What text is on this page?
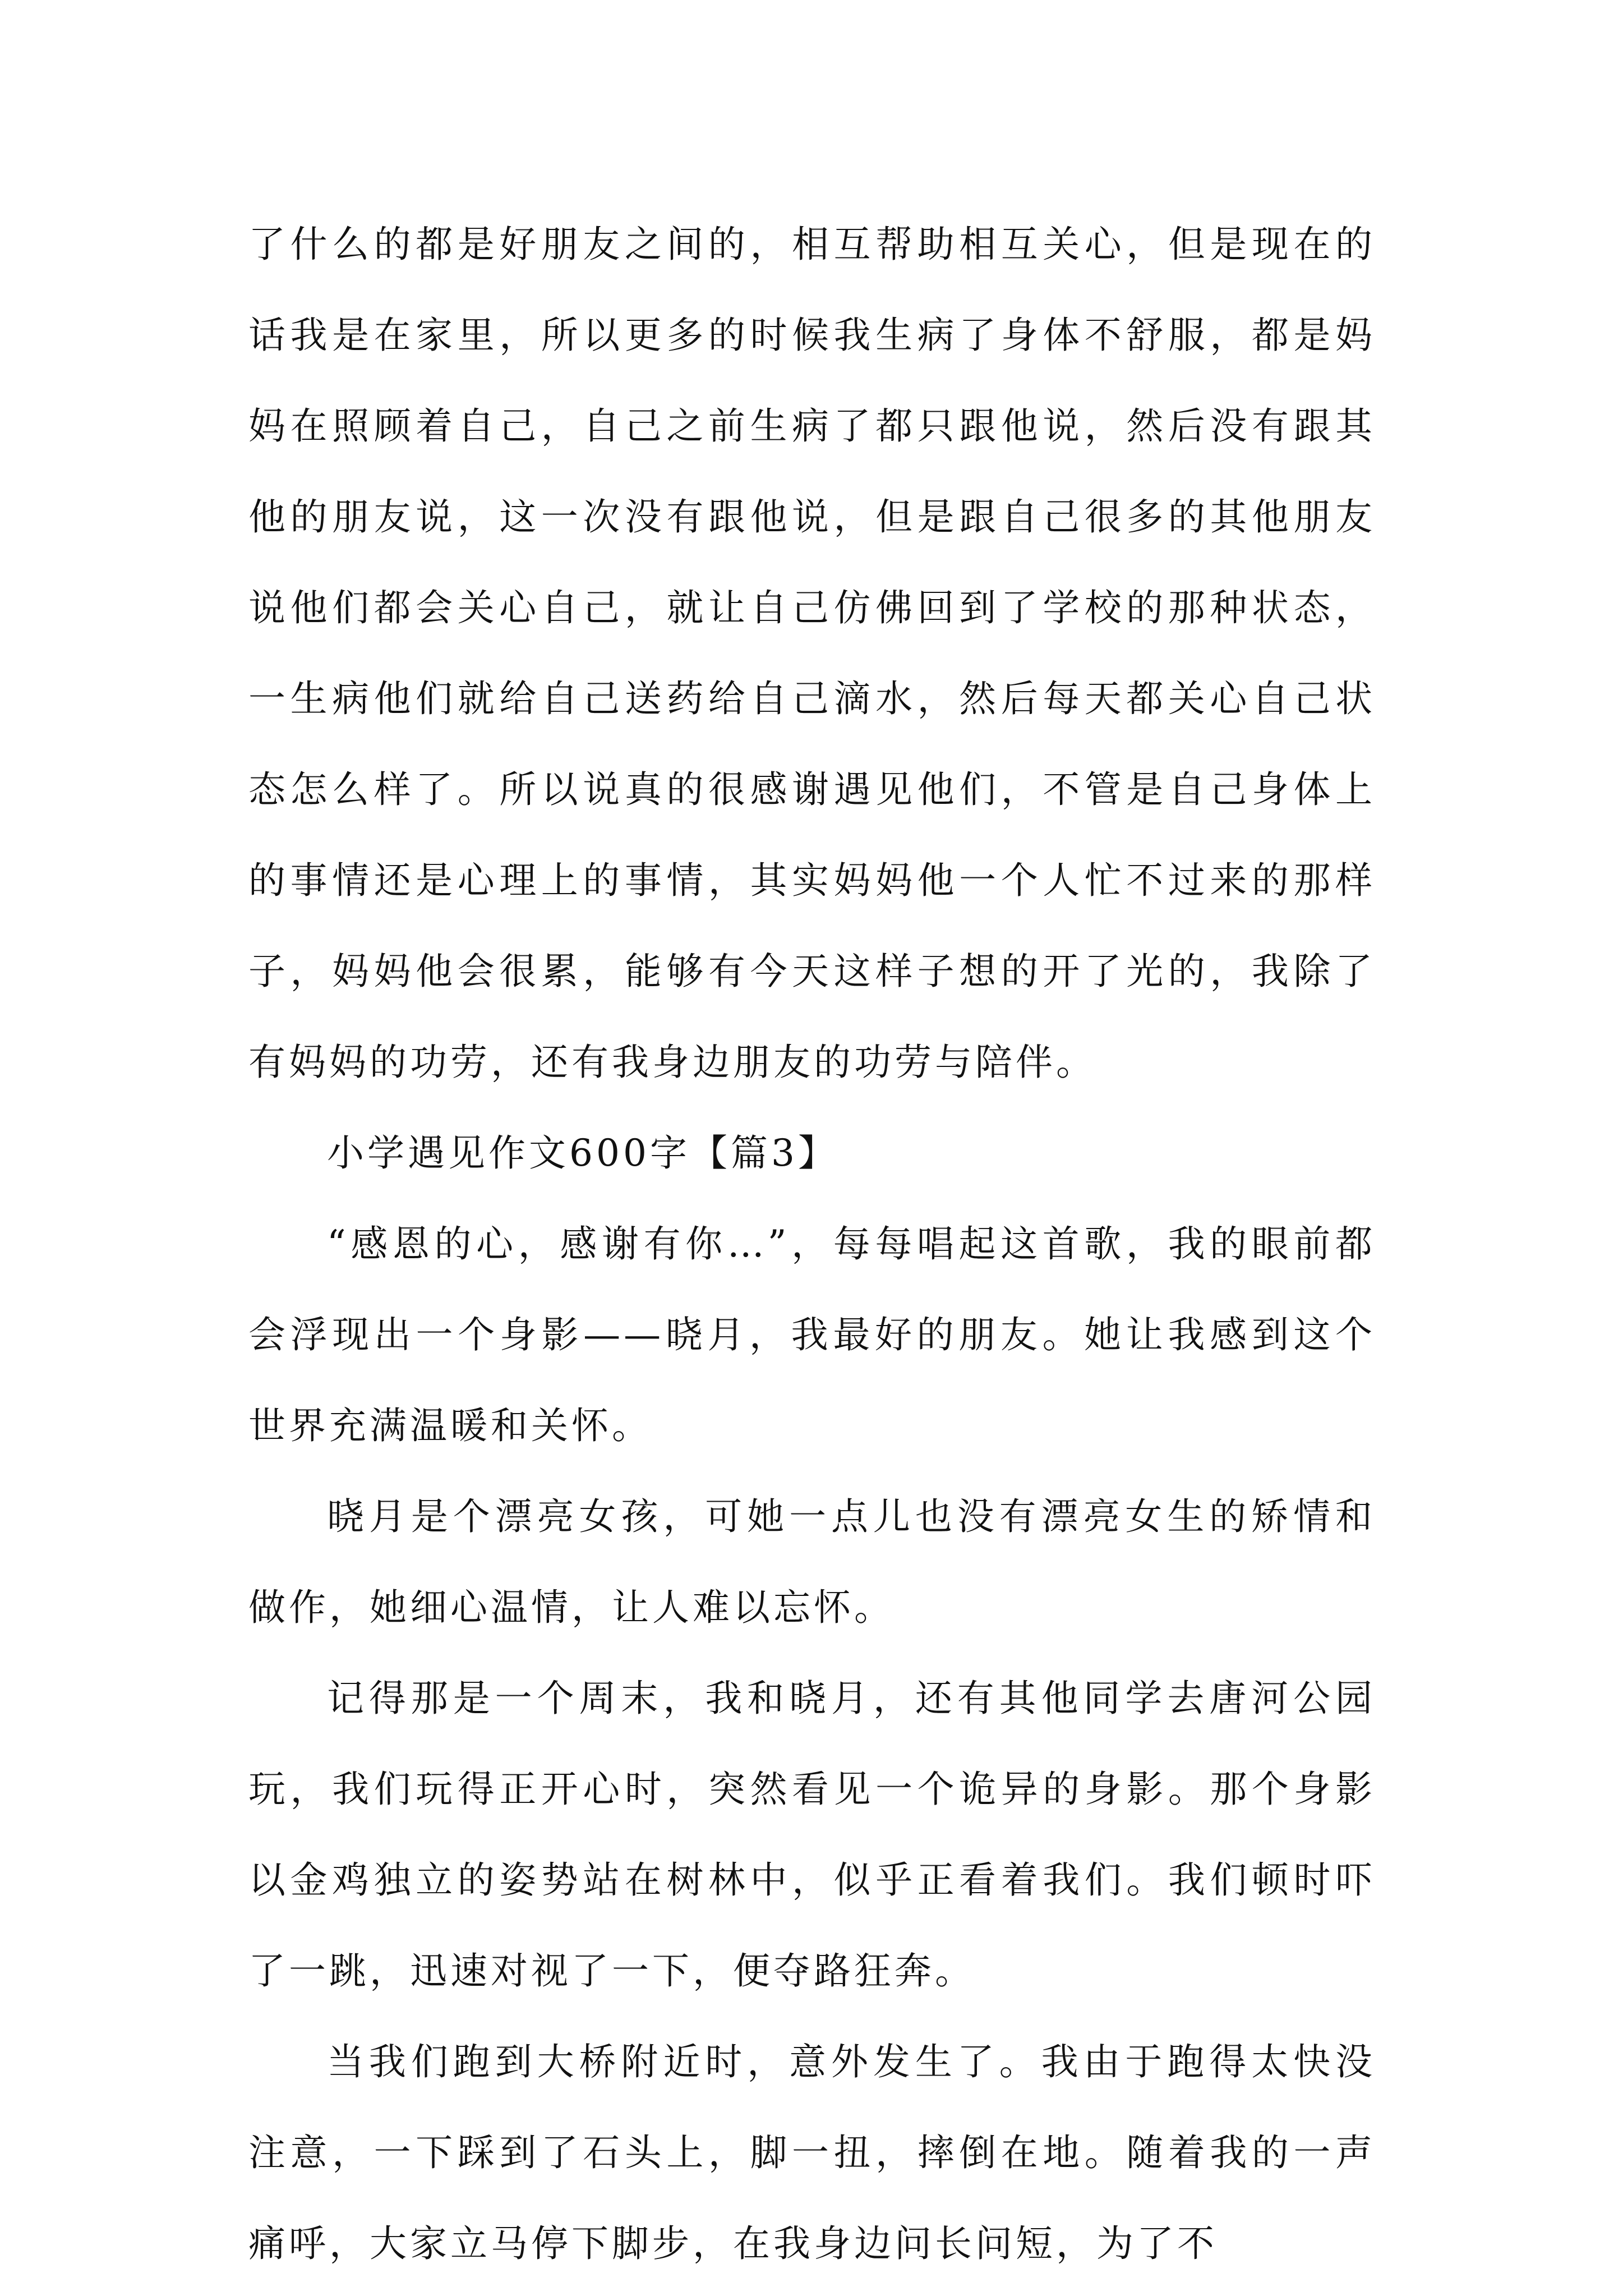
了什么的都是好朋友之间的，相互帮助相互关心，但是现在的话我是在家里，所以更多的时候我生病了身体不舒服，都是妈妈在照顾着自己，自己之前生病了都只跟他说，然后没有跟其他的朋友说，这一次没有跟他说，但是跟自己很多的其他朋友说他们都会关心自己，就让自己仿佛回到了学校的那种状态，一生病他们就给自己送药给自己滴水，然后每天都关心自己状态怎么样了。所以说真的很感谢遇见他们，不管是自己身体上的事情还是心理上的事情，其实妈妈他一个人忙不过来的那样子，妈妈他会很累，能够有今天这样子想的开了光的，我除了有妈妈的功劳，还有我身边朋友的功劳与陪伴。

小学遇见作文600字【篇3】

“感恩的心，感谢有你…”，每每唱起这首歌，我的眼前都会浮现出一个身影——晓月，我最好的朋友。她让我感到这个世界充满温暖和关怀。

晓月是个漂亮女孩，可她一点儿也没有漂亮女生的矫情和做作，她细心温情，让人难以忘怀。

记得那是一个周末，我和晓月，还有其他同学去唐河公园玩，我们玩得正开心时，突然看见一个诡异的身影。那个身影以金鸡独立的姿势站在树林中，似乎正看着我们。我们顿时吓了一跳，迅速对视了一下，便夺路狂奔。

当我们跑到大桥附近时，意外发生了。我由于跑得太快没注意，一下踩到了石头上，脚一扭，摔倒在地。随着我的一声痛呼，大家立马停下脚步，在我身边问长问短，为了不
